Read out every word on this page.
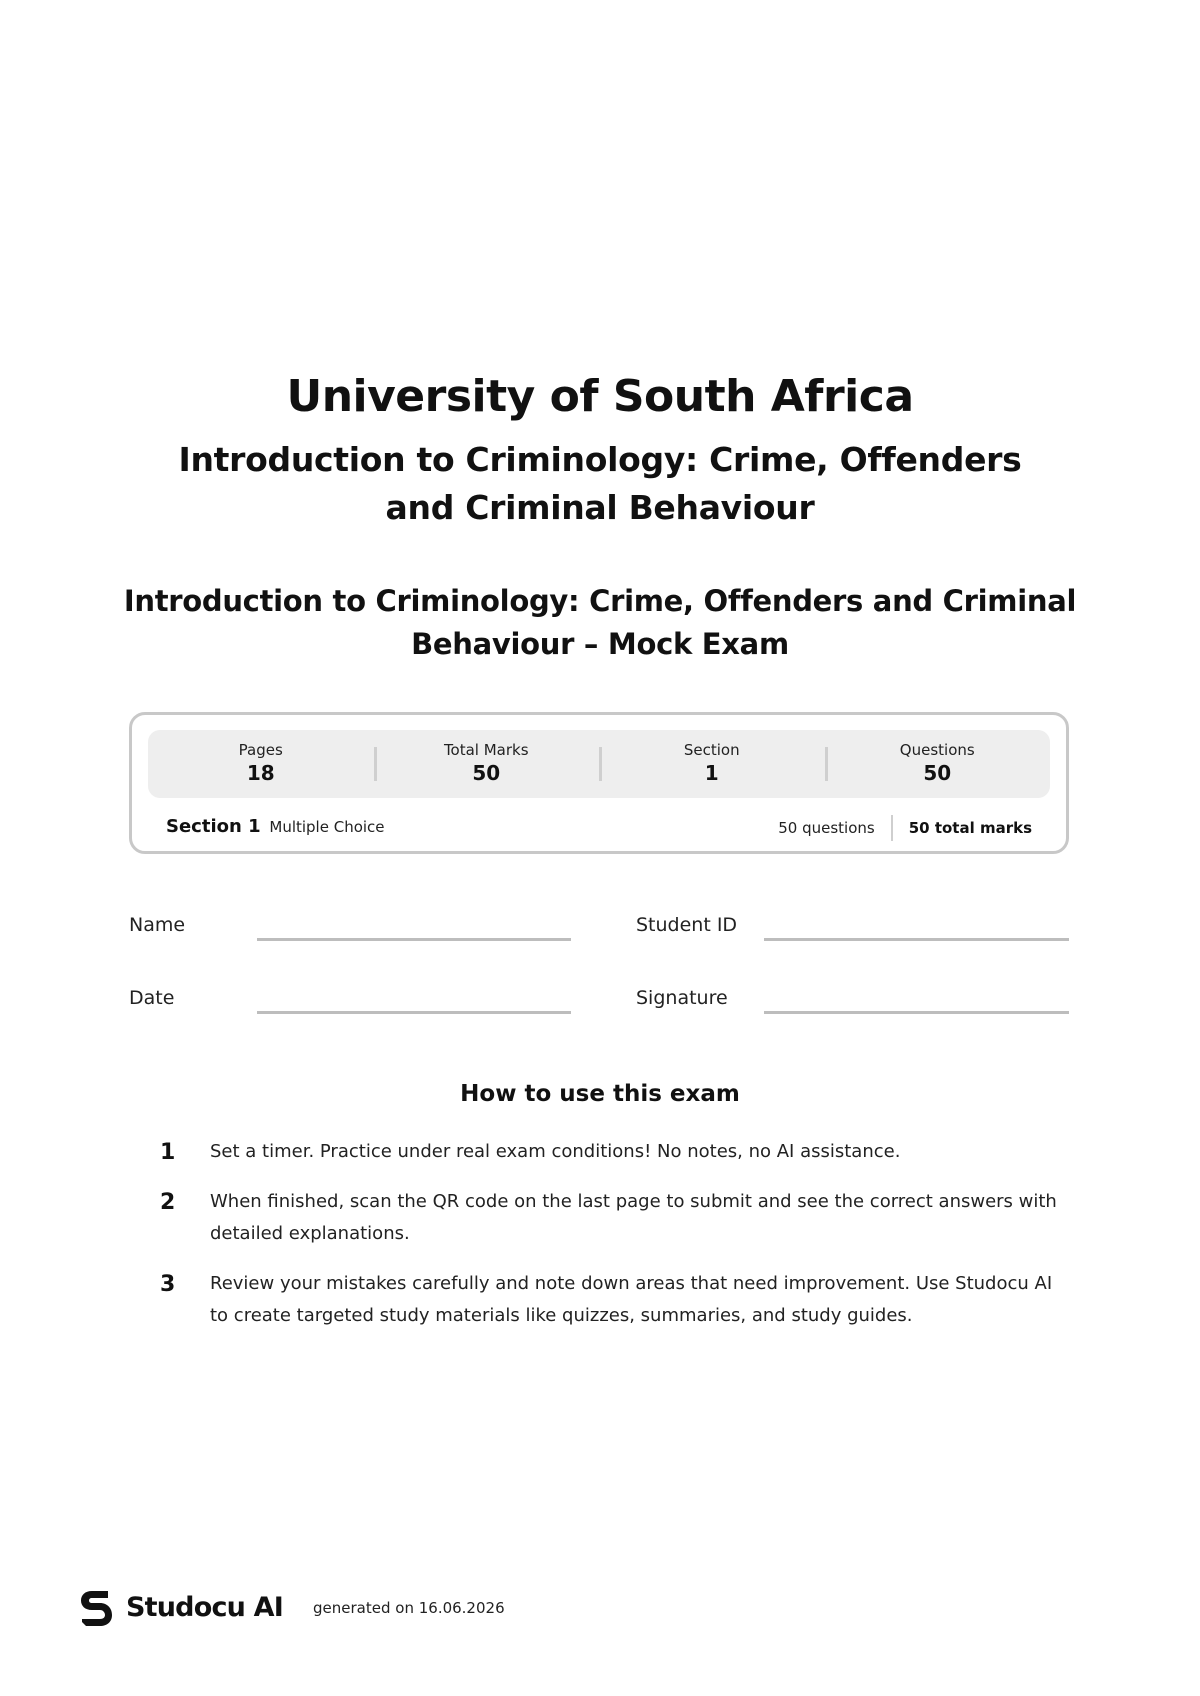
University of South Africa
Introduction to Criminology: Crime, Offenders and Criminal Behaviour
Introduction to Criminology: Crime, Offenders and Criminal Behaviour – Mock Exam
Pages
18
Total Marks
50
Section
1
Questions
50
Section 1 Multiple Choice	50 questions	50 total marks
Name	Student ID
Date	Signature
How to use this exam
1 Set a timer. Practice under real exam conditions! No notes, no AI assistance.
2 When finished, scan the QR code on the last page to submit and see the correct answers with detailed explanations.
3 Review your mistakes carefully and note down areas that need improvement. Use Studocu AI to create targeted study materials like quizzes, summaries, and study guides.
Studocu AI generated on 16.06.2026
